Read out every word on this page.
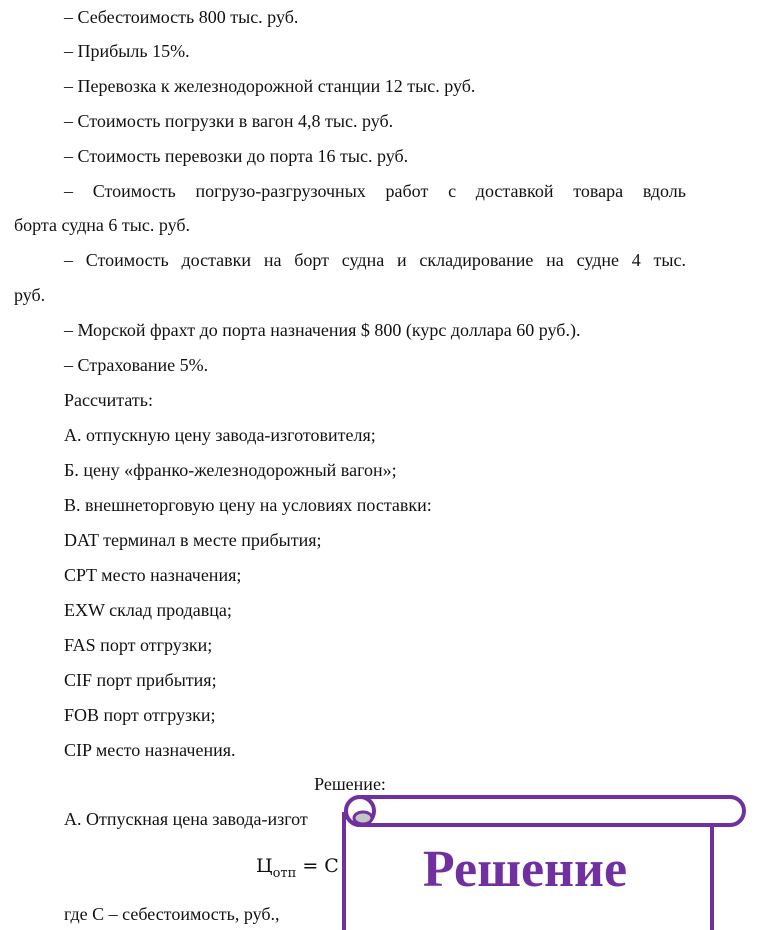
– Себестоимость 800 тыс. руб.
– Прибыль 15%.
– Перевозка к железнодорожной станции 12 тыс. руб.
– Стоимость погрузки в вагон 4,8 тыс. руб.
– Стоимость перевозки до порта 16 тыс. руб.
– Стоимость погрузо-разгрузочных работ с доставкой товара вдоль
борта судна 6 тыс. руб.
– Стоимость доставки на борт судна и складирование на судне 4 тыс.
руб.
– Морской фрахт до порта назначения $ 800 (курс доллара 60 руб.).
– Страхование 5%.
Рассчитать:
А. отпускную цену завода-изготовителя;
Б. цену «франко-железнодорожный вагон»;
В. внешнеторговую цену на условиях поставки:
DAT терминал в месте прибытия;
CPT место назначения;
EXW склад продавца;
FAS порт отгрузки;
CIF порт прибытия;
FOB порт отгрузки;
CIP место назначения.
Решение:
А. Отпускная цена завода-изгот
$Ц_{отп} = С$
где С – себестоимость, руб.,
Решение
